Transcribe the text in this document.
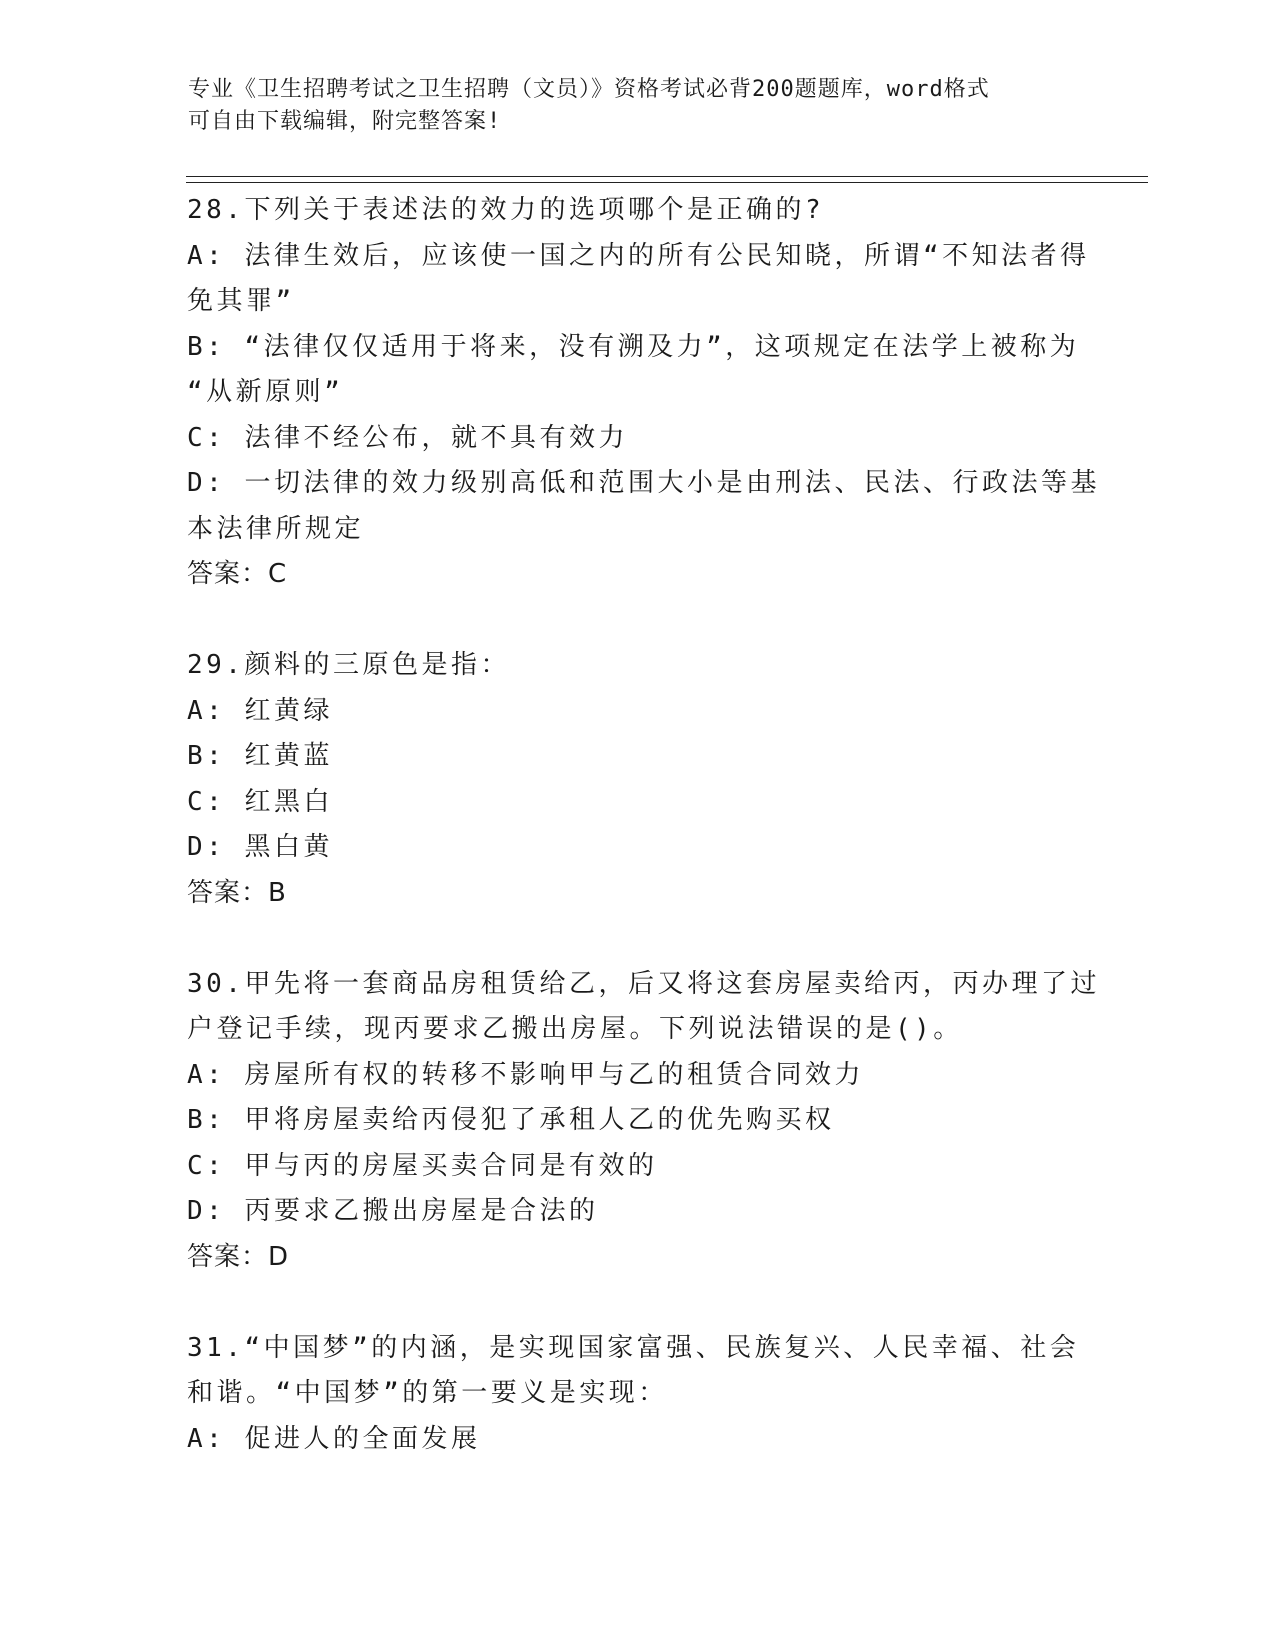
专业《卫生招聘考试之卫生招聘（文员）》资格考试必背200题题库，word格式
可自由下载编辑，附完整答案!
28.下列关于表述法的效力的选项哪个是正确的?
A: 法律生效后，应该使一国之内的所有公民知晓，所谓“不知法者得
免其罪”
B: “法律仅仅适用于将来，没有溯及力”，这项规定在法学上被称为
“从新原则”
C: 法律不经公布，就不具有效力
D: 一切法律的效力级别高低和范围大小是由刑法、民法、行政法等基
本法律所规定
答案：C
29.颜料的三原色是指：
A: 红黄绿
B: 红黄蓝
C: 红黑白
D: 黑白黄
答案：B
30.甲先将一套商品房租赁给乙，后又将这套房屋卖给丙，丙办理了过
户登记手续，现丙要求乙搬出房屋。下列说法错误的是()。
A: 房屋所有权的转移不影响甲与乙的租赁合同效力
B: 甲将房屋卖给丙侵犯了承租人乙的优先购买权
C: 甲与丙的房屋买卖合同是有效的
D: 丙要求乙搬出房屋是合法的
答案：D
31.“中国梦”的内涵，是实现国家富强、民族复兴、人民幸福、社会
和谐。“中国梦”的第一要义是实现：
A: 促进人的全面发展
